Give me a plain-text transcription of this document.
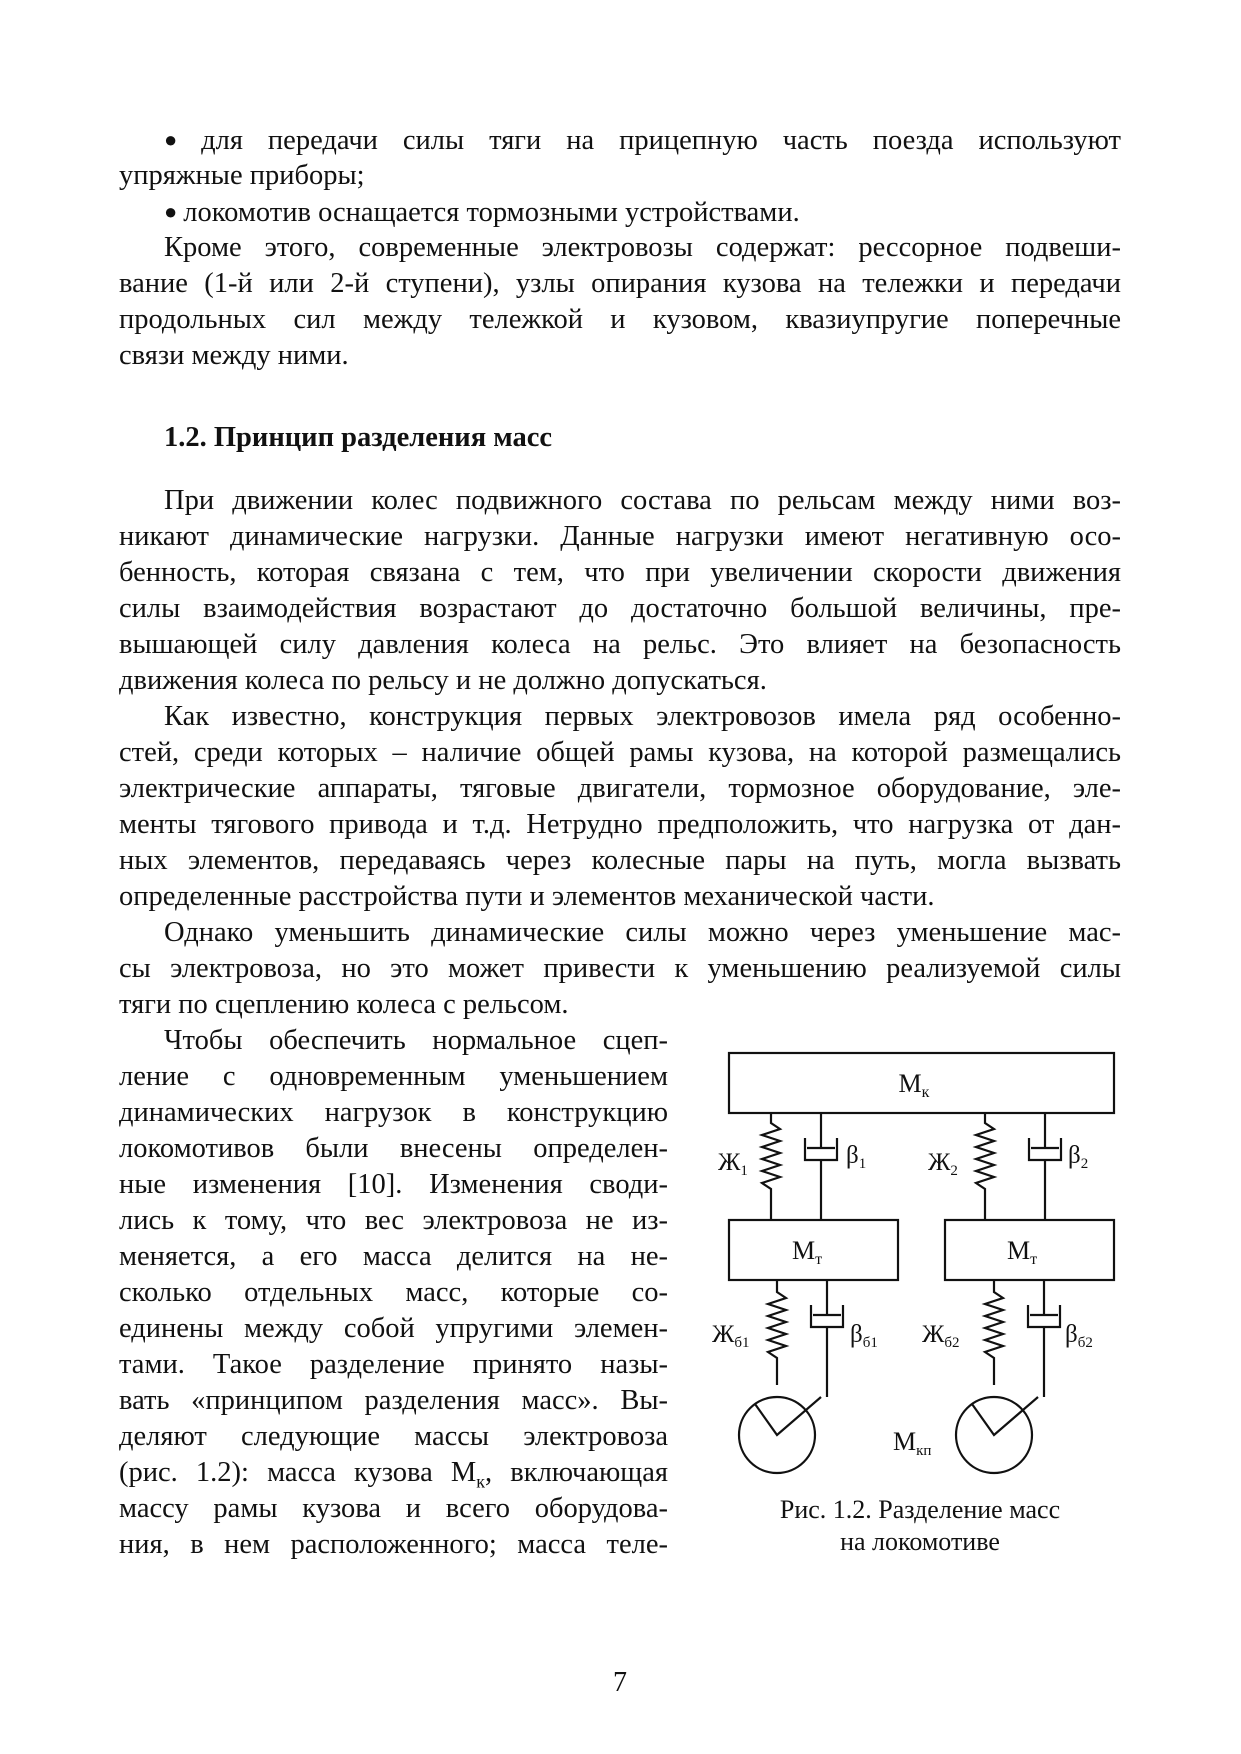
● для передачи силы тяги на прицепную часть поезда используют
упряжные приборы;
● локомотив оснащается тормозными устройствами.
Кроме этого, современные электровозы содержат: рессорное подвеши-
вание (1-й или 2-й ступени), узлы опирания кузова на тележки и передачи
продольных сил между тележкой и кузовом, квазиупругие поперечные
связи между ними.
1.2. Принцип разделения масс
При движении колес подвижного состава по рельсам между ними воз-
никают динамические нагрузки. Данные нагрузки имеют негативную осо-
бенность, которая связана с тем, что при увеличении скорости движения
силы взаимодействия возрастают до достаточно большой величины, пре-
вышающей силу давления колеса на рельс. Это влияет на безопасность
движения колеса по рельсу и не должно допускаться.
Как известно, конструкция первых электровозов имела ряд особенно-
стей, среди которых – наличие общей рамы кузова, на которой размещались
электрические аппараты, тяговые двигатели, тормозное оборудование, эле-
менты тягового привода и т.д. Нетрудно предположить, что нагрузка от дан-
ных элементов, передаваясь через колесные пары на путь, могла вызвать
определенные расстройства пути и элементов механической части.
Однако уменьшить динамические силы можно через уменьшение мас-
сы электровоза, но это может привести к уменьшению реализуемой силы
тяги по сцеплению колеса с рельсом.
Чтобы обеспечить нормальное сцеп-
ление с одновременным уменьшением
динамических нагрузок в конструкцию
локомотивов были внесены определен-
ные изменения [10]. Изменения своди-
лись к тому, что вес электровоза не из-
меняется, а его масса делится на не-
сколько отдельных масс, которые со-
единены между собой упругими элемен-
тами. Такое разделение принято назы-
вать «принципом разделения масс». Вы-
деляют следующие массы электровоза
(рис. 1.2): масса кузова $М_к$, включающая
массу рамы кузова и всего оборудова-
ния, в нем расположенного; масса теле-
Мк
Мт	Мт
$Ж_1$
$\beta_1$ $Ж_2$
$\beta_2$
$Ж_{б1}$	$\beta_{б1}$ $Ж_{б2}$	$\beta_{б2}$
Мкп
Рис. 1.2. Разделение масс
на локомотиве
7
